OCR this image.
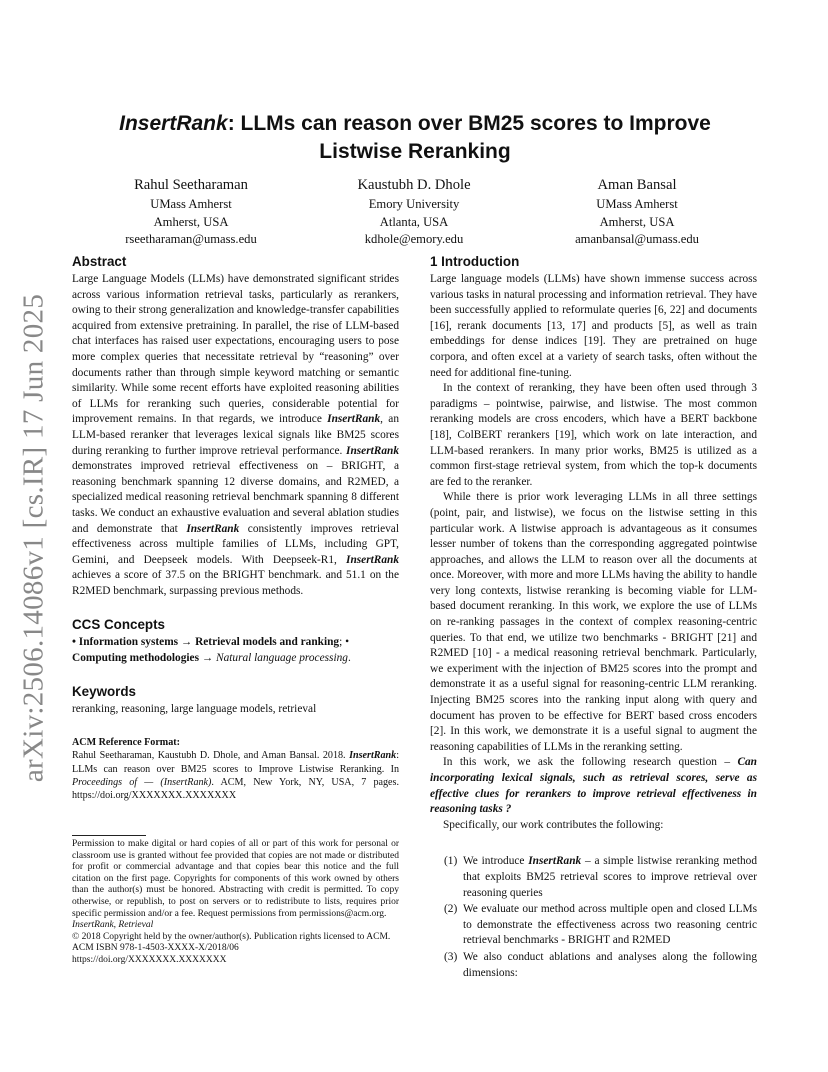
arXiv:2506.14086v1 [cs.IR] 17 Jun 2025
InsertRank: LLMs can reason over BM25 scores to Improve
Listwise Reranking
Rahul Seetharaman
UMass Amherst
Amherst, USA
rseetharaman@umass.edu
Kaustubh D. Dhole
Emory University
Atlanta, USA
kdhole@emory.edu
Aman Bansal
UMass Amherst
Amherst, USA
amanbansal@umass.edu
Abstract

Large Language Models (LLMs) have demonstrated significant strides across various information retrieval tasks, particularly as rerankers, owing to their strong generalization and knowledge-transfer capabilities acquired from extensive pretraining. In parallel, the rise of LLM-based chat interfaces has raised user expectations, encouraging users to pose more complex queries that necessitate retrieval by “reasoning” over documents rather than through simple keyword matching or semantic similarity. While some recent efforts have exploited reasoning abilities of LLMs for reranking such queries, considerable potential for improvement remains. In that regards, we introduce InsertRank, an LLM-based reranker that leverages lexical signals like BM25 scores during reranking to further improve retrieval performance. InsertRank demonstrates improved retrieval effectiveness on – BRIGHT, a reasoning benchmark spanning 12 diverse domains, and R2MED, a specialized medical reasoning retrieval benchmark spanning 8 different tasks. We conduct an exhaustive evaluation and several ablation studies and demonstrate that InsertRank consistently improves retrieval effectiveness across multiple families of LLMs, including GPT, Gemini, and Deepseek models. With Deepseek-R1, InsertRank achieves a score of 37.5 on the BRIGHT benchmark. and 51.1 on the R2MED benchmark, surpassing previous methods.

CCS Concepts

• Information systems → Retrieval models and ranking; • Computing methodologies → Natural language processing.

Keywords

reranking, reasoning, large language models, retrieval

ACM Reference Format:

Rahul Seetharaman, Kaustubh D. Dhole, and Aman Bansal. 2018. InsertRank: LLMs can reason over BM25 scores to Improve Listwise Reranking. In Proceedings of — (InsertRank). ACM, New York, NY, USA, 7 pages. https://doi.org/XXXXXXX.XXXXXXX

Permission to make digital or hard copies of all or part of this work for personal or classroom use is granted without fee provided that copies are not made or distributed for profit or commercial advantage and that copies bear this notice and the full citation on the first page. Copyrights for components of this work owned by others than the author(s) must be honored. Abstracting with credit is permitted. To copy otherwise, or republish, to post on servers or to redistribute to lists, requires prior specific permission and/or a fee. Request permissions from permissions@acm.org.

InsertRank, Retrieval

© 2018 Copyright held by the owner/author(s). Publication rights licensed to ACM.

ACM ISBN 978-1-4503-XXXX-X/2018/06

https://doi.org/XXXXXXX.XXXXXXX

1 Introduction

Large language models (LLMs) have shown immense success across various tasks in natural processing and information retrieval. They have been successfully applied to reformulate queries [6, 22] and documents [16], rerank documents [13, 17] and products [5], as well as train embeddings for dense indices [19]. They are pretrained on huge corpora, and often excel at a variety of search tasks, often without the need for additional fine-tuning.

In the context of reranking, they have been often used through 3 paradigms – pointwise, pairwise, and listwise. The most common reranking models are cross encoders, which have a BERT backbone [18], ColBERT rerankers [19], which work on late interaction, and LLM-based rerankers. In many prior works, BM25 is utilized as a common first-stage retrieval system, from which the top-k documents are fed to the reranker.

While there is prior work leveraging LLMs in all three settings (point, pair, and listwise), we focus on the listwise setting in this particular work. A listwise approach is advantageous as it consumes lesser number of tokens than the corresponding aggregated pointwise approaches, and allows the LLM to reason over all the documents at once. Moreover, with more and more LLMs having the ability to handle very long contexts, listwise reranking is becoming viable for LLM-based document reranking. In this work, we explore the use of LLMs on re-ranking passages in the context of complex reasoning-centric queries. To that end, we utilize two benchmarks - BRIGHT [21] and R2MED [10] - a medical reasoning retrieval benchmark. Particularly, we experiment with the injection of BM25 scores into the prompt and demonstrate it as a useful signal for reasoning-centric LLM reranking. Injecting BM25 scores into the ranking input along with query and document has proven to be effective for BERT based cross encoders [2]. In this work, we demonstrate it is a useful signal to augment the reasoning capabilities of LLMs in the reranking setting.

In this work, we ask the following research question – Can incorporating lexical signals, such as retrieval scores, serve as effective clues for rerankers to improve retrieval effectiveness in reasoning tasks ?

Specifically, our work contributes the following:

(1) We introduce InsertRank – a simple listwise reranking method that exploits BM25 retrieval scores to improve retrieval over reasoning queries
(2) We evaluate our method across multiple open and closed LLMs to demonstrate the effectiveness across two reasoning centric retrieval benchmarks - BRIGHT and R2MED
(3) We also conduct ablations and analyses along the following dimensions:
